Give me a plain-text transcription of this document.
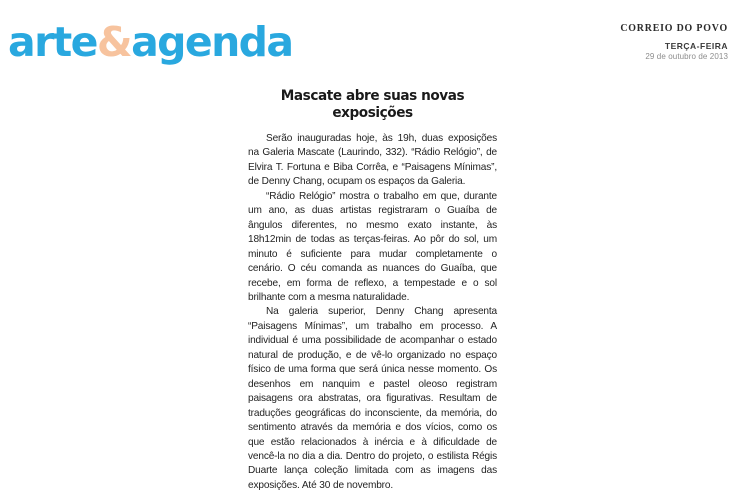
arte&agenda	CORREIO DO POVO
TERÇA-FEIRA
29 de outubro de 2013
Mascate abre suas novas exposições

Serão inauguradas hoje, às 19h, duas exposições na Galeria Mascate (Laurindo, 332). “Rádio Relógio”, de Elvira T. Fortuna e Biba Corrêa, e “Paisagens Mínimas”, de Denny Chang, ocupam os espaços da Galeria.

“Rádio Relógio” mostra o trabalho em que, durante um ano, as duas artistas registraram o Guaíba de ângulos diferentes, no mesmo exato instante, às 18h12min de todas as terças-feiras. Ao pôr do sol, um minuto é suficiente para mudar completamente o cenário. O céu comanda as nuances do Guaíba, que recebe, em forma de reflexo, a tempestade e o sol brilhante com a mesma naturalidade.

Na galeria superior, Denny Chang apresenta “Paisagens Mínimas”, um trabalho em processo. A individual é uma possibilidade de acompanhar o estado natural de produção, e de vê-lo organizado no espaço físico de uma forma que será única nesse momento. Os desenhos em nanquim e pastel oleoso registram paisagens ora abstratas, ora figurativas. Resultam de traduções geográficas do inconsciente, da memória, do sentimento através da memória e dos vícios, como os que estão relacionados à inércia e à dificuldade de vencê-la no dia a dia. Dentro do projeto, o estilista Régis Duarte lança coleção limitada com as imagens das exposições. Até 30 de novembro.
